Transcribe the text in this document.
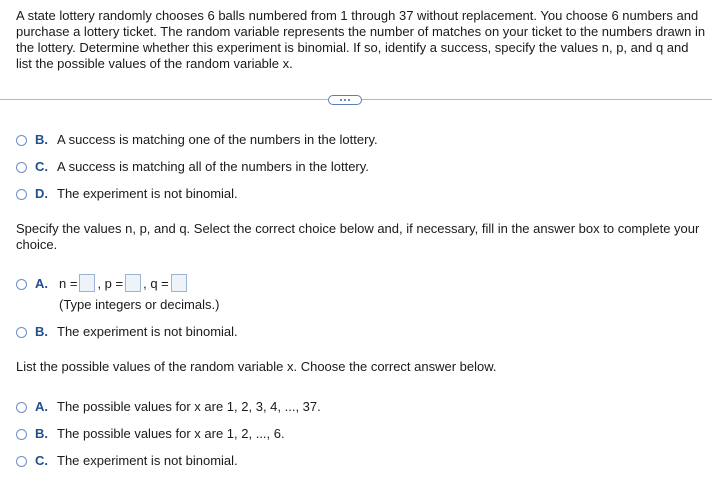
A state lottery randomly chooses 6 balls numbered from 1 through 37 without replacement. You choose 6 numbers and purchase a lottery ticket. The random variable represents the number of matches on your ticket to the numbers drawn in the lottery. Determine whether this experiment is binomial. If so, identify a success, specify the values n, p, and q and list the possible values of the random variable x.
B. A success is matching one of the numbers in the lottery.
C. A success is matching all of the numbers in the lottery.
D. The experiment is not binomial.
Specify the values n, p, and q. Select the correct choice below and, if necessary, fill in the answer box to complete your choice.
A. n = , p = , q =
(Type integers or decimals.)
B. The experiment is not binomial.
List the possible values of the random variable x. Choose the correct answer below.
A. The possible values for x are 1, 2, 3, 4, ..., 37.
B. The possible values for x are 1, 2, ..., 6.
C. The experiment is not binomial.
